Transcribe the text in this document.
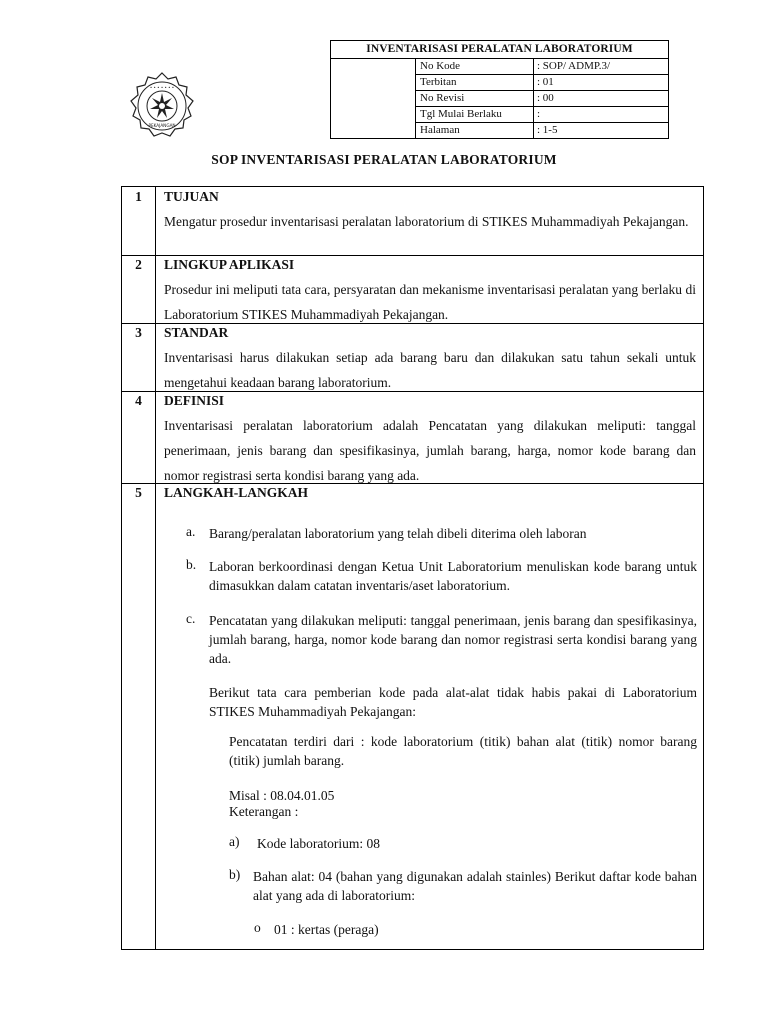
INVENTARISASI PERALATAN LABORATORIUM
No Kode	: SOP/ ADMP.3/
Terbitan	: 01
No Revisi	: 00
Tgl Mulai Berlaku	:
Halaman	: 1-5
• • • • • • •
PEKAJANGAN
SOP INVENTARISASI PERALATAN LABORATORIUM
1	TUJUAN
Mengatur prosedur inventarisasi peralatan laboratorium di STIKES Muhammadiyah Pekajangan.
2	LINGKUP APLIKASI
Prosedur ini meliputi tata cara, persyaratan dan mekanisme inventarisasi peralatan yang berlaku di Laboratorium STIKES Muhammadiyah Pekajangan.
3	STANDAR
Inventarisasi harus dilakukan setiap ada barang baru dan dilakukan satu tahun sekali untuk mengetahui keadaan barang laboratorium.
4	DEFINISI
Inventarisasi peralatan laboratorium adalah Pencatatan yang dilakukan meliputi: tanggal penerimaan, jenis barang dan spesifikasinya, jumlah barang, harga, nomor kode barang dan nomor registrasi serta kondisi barang yang ada.
5	LANGKAH-LANGKAH
a. Barang/peralatan laboratorium yang telah dibeli diterima oleh laboran
b. Laboran berkoordinasi dengan Ketua Unit Laboratorium menuliskan kode barang untuk dimasukkan dalam catatan inventaris/aset laboratorium.
c. Pencatatan yang dilakukan meliputi: tanggal penerimaan, jenis barang dan spesifikasinya, jumlah barang, harga, nomor kode barang dan nomor registrasi serta kondisi barang yang ada.
Berikut tata cara pemberian kode pada alat-alat tidak habis pakai di Laboratorium STIKES Muhammadiyah Pekajangan:
Pencatatan terdiri dari : kode laboratorium (titik) bahan alat (titik) nomor barang (titik) jumlah barang.
Misal : 08.04.01.05
Keterangan :
a) Kode laboratorium: 08
b) Bahan alat: 04 (bahan yang digunakan adalah stainles) Berikut daftar kode bahan alat yang ada di laboratorium:
o 01 : kertas (peraga)
